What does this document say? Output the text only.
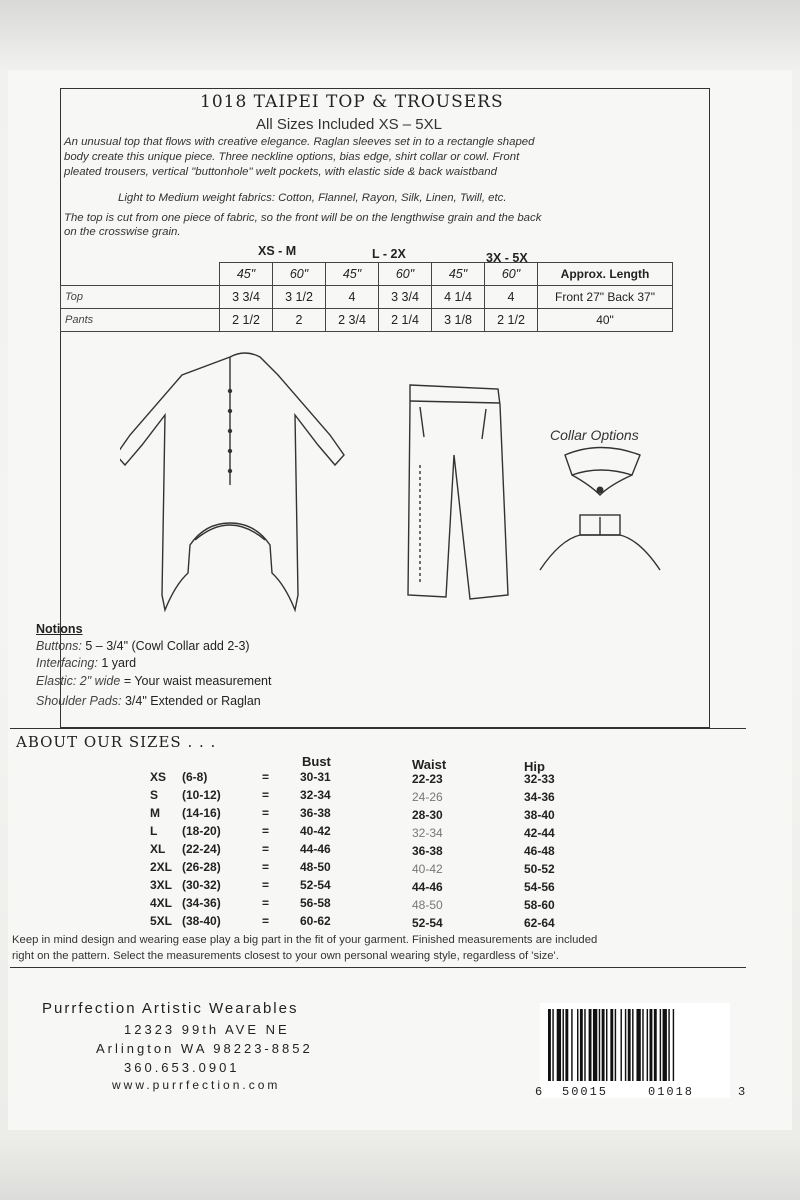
1018 TAIPEI TOP & TROUSERS
All Sizes Included XS – 5XL
An unusual top that flows with creative elegance. Raglan sleeves set in to a rectangle shaped
body create this unique piece. Three neckline options, bias edge, shirt collar or cowl. Front
pleated trousers, vertical "buttonhole" welt pockets, with elastic side & back waistband
Light to Medium weight fabrics: Cotton, Flannel, Rayon, Silk, Linen, Twill, etc.
The top is cut from one piece of fabric, so the front will be on the lengthwise grain and the back
on the crosswise grain.
XS - M	L - 2X	3X - 5X
	45"	60"	45"	60"	45"	60"	Approx. Length
Top	3 3/4	3 1/2	4	3 3/4	4 1/4	4	Front 27" Back 37"
Pants	2 1/2	2	2 3/4	2 1/4	3 1/8	2 1/2	40"
Collar Options
Notions
Buttons: 5 – 3/4" (Cowl Collar add 2-3)
Interfacing: 1 yard
Elastic: 2" wide = Your waist measurement
Shoulder Pads: 3/4" Extended or Raglan
ABOUT OUR SIZES . . .
Bust	Waist	Hip
XS (6-8)	=	30-31	22-23	32-33
S (10-12)	=	32-34	24-26	34-36
M (14-16)	=	36-38	28-30	38-40
L (18-20)	=	40-42	32-34	42-44
XL (22-24)	=	44-46	36-38	46-48
2XL (26-28)	=	48-50	40-42	50-52
3XL (30-32)	=	52-54	44-46	54-56
4XL (34-36)	=	56-58	48-50	58-60
5XL (38-40)	=	60-62	52-54	62-64
Keep in mind design and wearing ease play a big part in the fit of your garment. Finished measurements are included
right on the pattern. Select the measurements closest to your own personal wearing style, regardless of 'size'.
Purrfection Artistic Wearables
12323 99th AVE NE
Arlington WA 98223-8852
360.653.0901
www.purrfection.com	6 50015	01018	3
